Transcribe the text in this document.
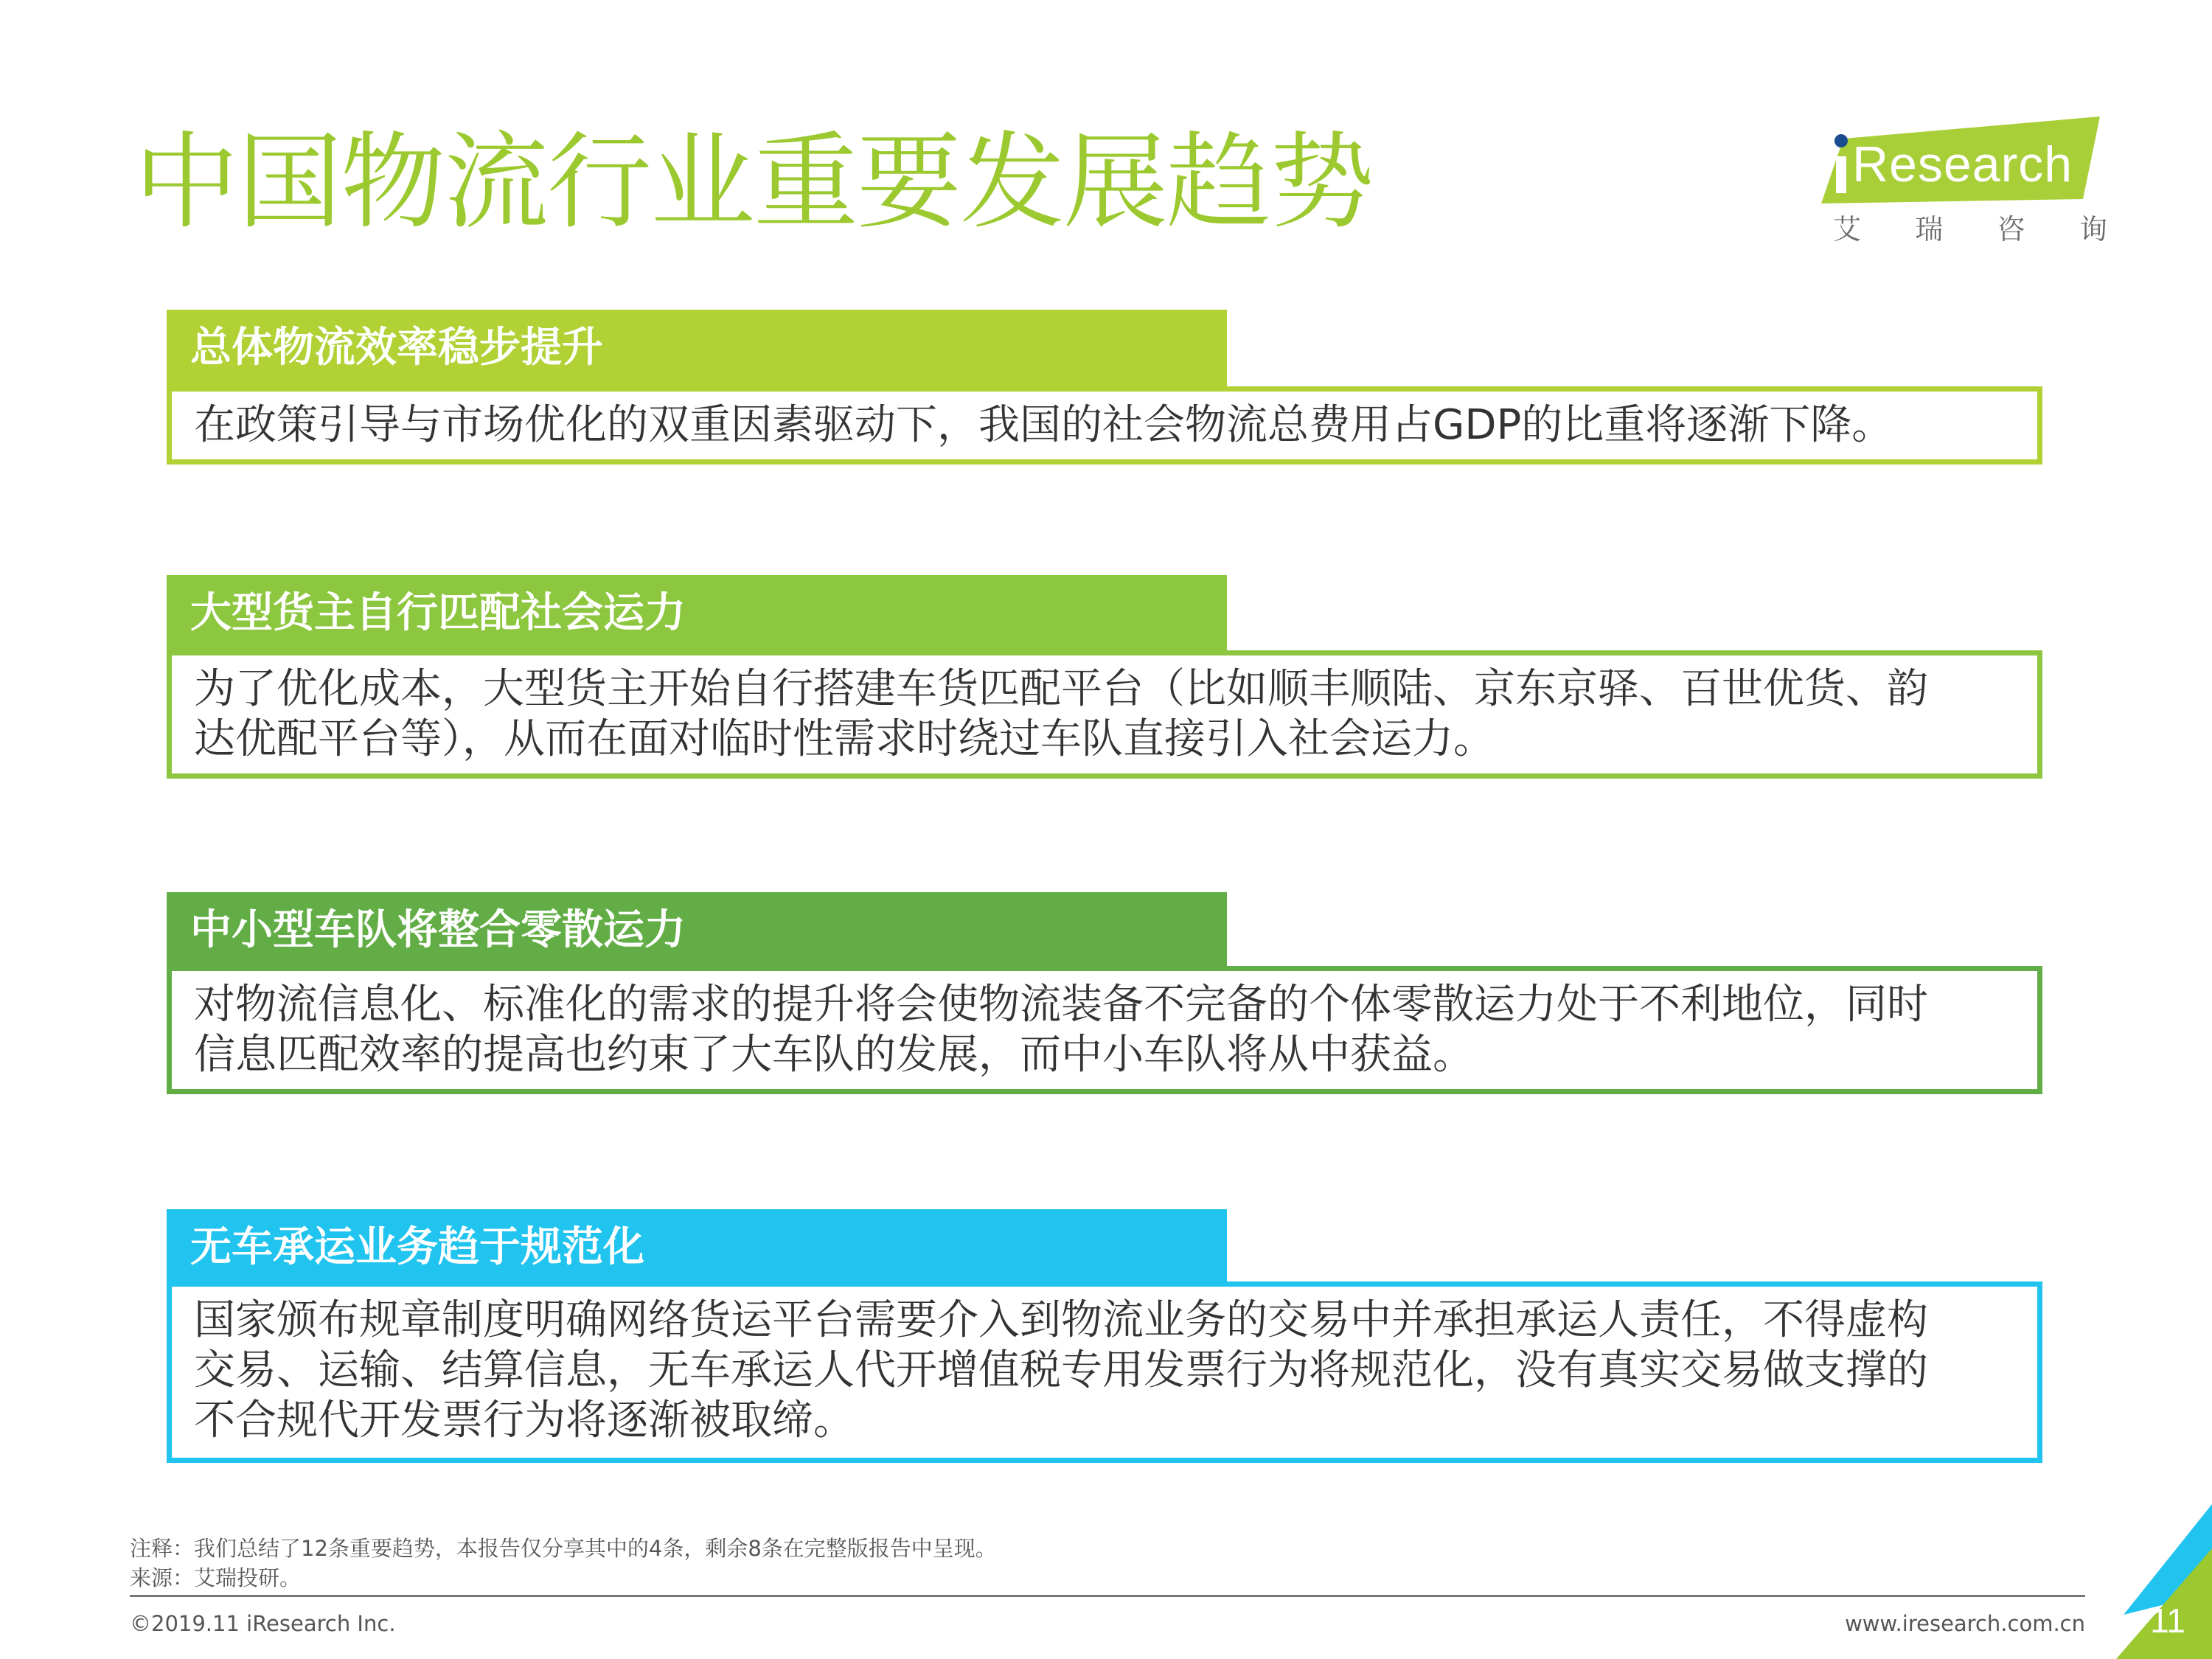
中国物流行业重要发展趋势	Research
艾 瑞 咨 询
总体物流效率稳步提升

在政策引导与市场优化的双重因素驱动下，我国的社会物流总费用占GDP的比重将逐渐下降。

大型货主自行匹配社会运力

为了优化成本，大型货主开始自行搭建车货匹配平台（比如顺丰顺陆、京东京驿、百世优货、韵

达优配平台等），从而在面对临时性需求时绕过车队直接引入社会运力。

中小型车队将整合零散运力

对物流信息化、标准化的需求的提升将会使物流装备不完备的个体零散运力处于不利地位，同时

信息匹配效率的提高也约束了大车队的发展，而中小车队将从中获益。

无车承运业务趋于规范化

国家颁布规章制度明确网络货运平台需要介入到物流业务的交易中并承担承运人责任，不得虚构

交易、运输、结算信息，无车承运人代开增值税专用发票行为将规范化，没有真实交易做支撑的

不合规代开发票行为将逐渐被取缔。

注释：我们总结了12条重要趋势，本报告仅分享其中的4条，剩余8条在完整版报告中呈现。

来源：艾瑞投研。

©2019.11 iResearch Inc.	www.iresearch.com.cn 11
